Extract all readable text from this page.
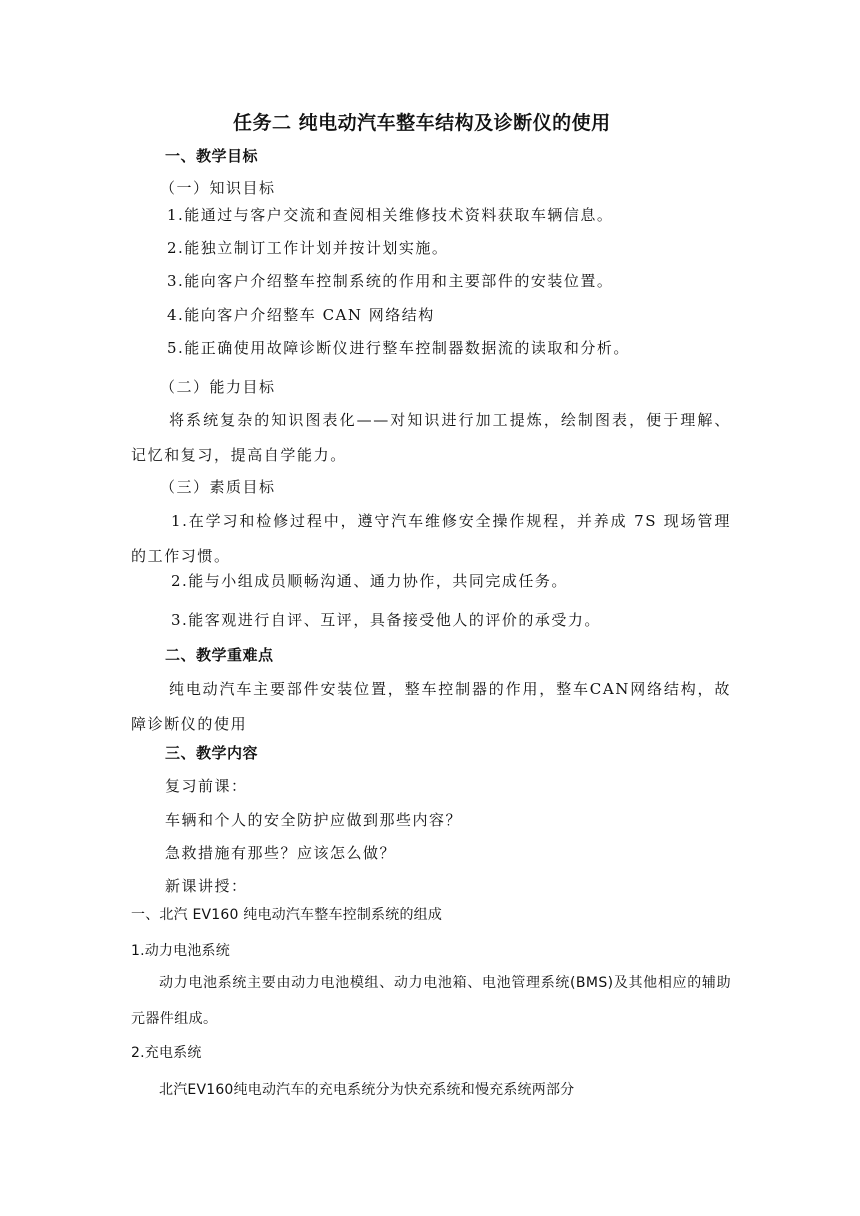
任务二 纯电动汽车整车结构及诊断仪的使用
一、教学目标
（一）知识目标
1.能通过与客户交流和查阅相关维修技术资料获取车辆信息。
2.能独立制订工作计划并按计划实施。
3.能向客户介绍整车控制系统的作用和主要部件的安装位置。
4.能向客户介绍整车 CAN 网络结构
5.能正确使用故障诊断仪进行整车控制器数据流的读取和分析。
（二）能力目标

将系统复杂的知识图表化——对知识进行加工提炼，绘制图表，便于理解、记忆和复习，提高自学能力。

（三）素质目标

1.在学习和检修过程中，遵守汽车维修安全操作规程，并养成 7S 现场管理 的工作习惯。

2.能与小组成员顺畅沟通、通力协作，共同完成任务。
3.能客观进行自评、互评，具备接受他人的评价的承受力。
二、教学重难点

纯电动汽车主要部件安装位置，整车控制器的作用，整车CAN网络结构，故障诊断仪的使用

三、教学内容
复习前课：
车辆和个人的安全防护应做到那些内容？
急救措施有那些？应该怎么做？
新课讲授：
一、北汽 EV160 纯电动汽车整车控制系统的组成
1.动力电池系统

动力电池系统主要由动力电池模组、动力电池箱、电池管理系统(BMS)及其他相应的辅助元器件组成。

2.充电系统
北汽EV160纯电动汽车的充电系统分为快充系统和慢充系统两部分
